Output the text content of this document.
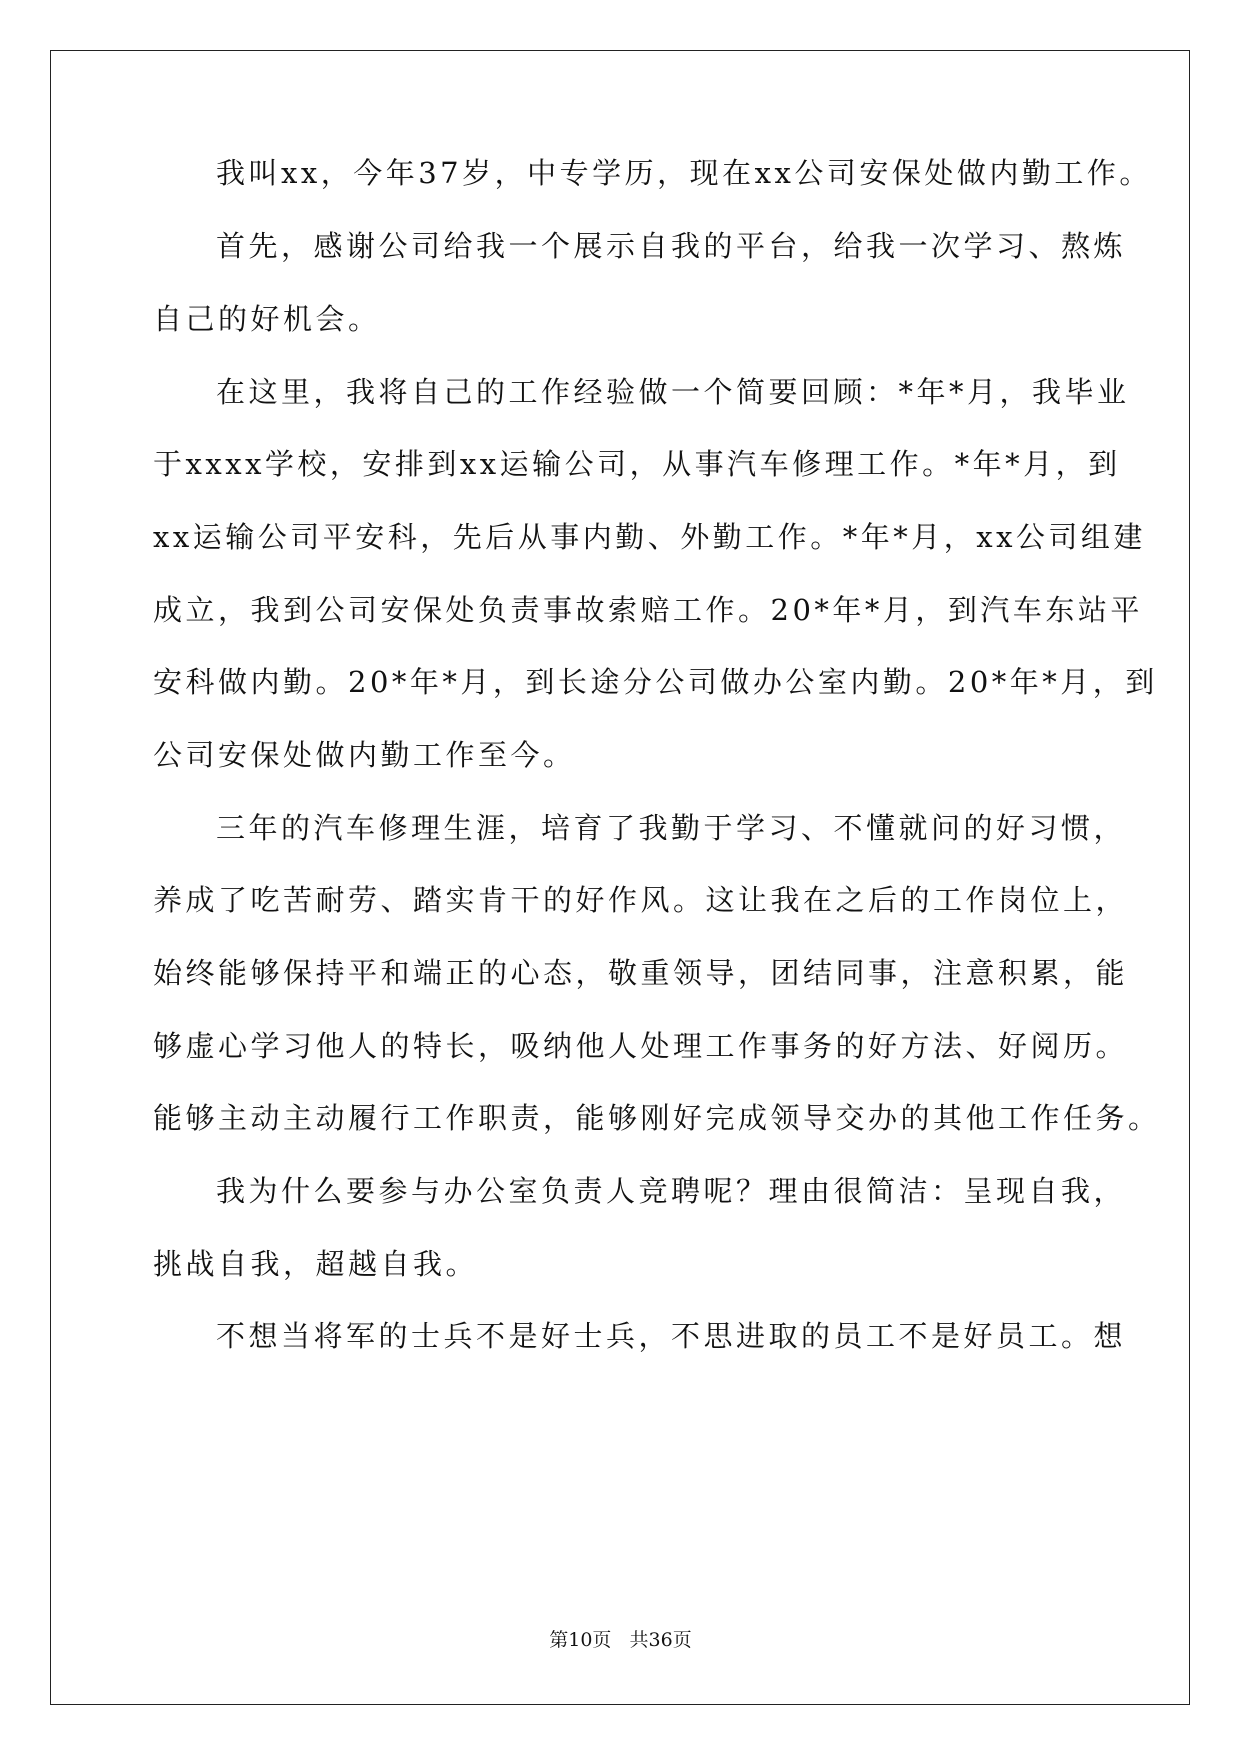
我叫xx，今年37岁，中专学历，现在xx公司安保处做内勤工作。
首先，感谢公司给我一个展示自我的平台，给我一次学习、熬炼
自己的好机会。
在这里，我将自己的工作经验做一个简要回顾：*年*月，我毕业
于xxxx学校，安排到xx运输公司，从事汽车修理工作。*年*月，到
xx运输公司平安科，先后从事内勤、外勤工作。*年*月，xx公司组建
成立，我到公司安保处负责事故索赔工作。20*年*月，到汽车东站平
安科做内勤。20*年*月，到长途分公司做办公室内勤。20*年*月，到
公司安保处做内勤工作至今。
三年的汽车修理生涯，培育了我勤于学习、不懂就问的好习惯，
养成了吃苦耐劳、踏实肯干的好作风。这让我在之后的工作岗位上，
始终能够保持平和端正的心态，敬重领导，团结同事，注意积累，能
够虚心学习他人的特长，吸纳他人处理工作事务的好方法、好阅历。
能够主动主动履行工作职责，能够刚好完成领导交办的其他工作任务。
我为什么要参与办公室负责人竞聘呢？理由很简洁：呈现自我，
挑战自我，超越自我。
不想当将军的士兵不是好士兵，不思进取的员工不是好员工。想
第10页   共36页
